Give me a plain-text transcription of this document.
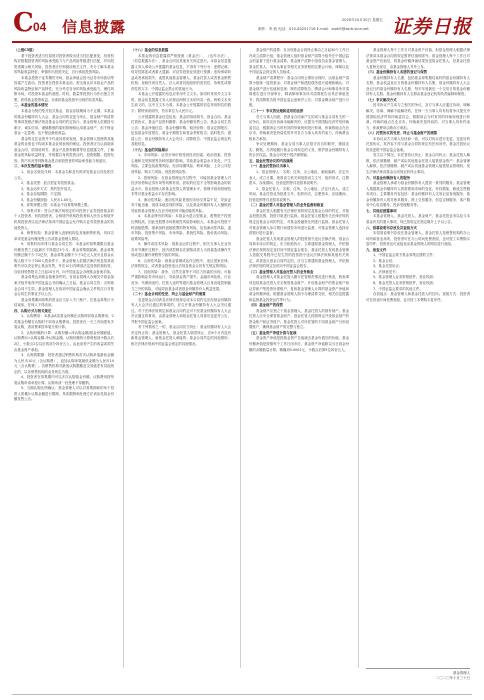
C 04 信息披露	2020年10月30日 星期五
制作：李 波 电话：010-83251716 E-mail：zqrb9@zqrb.sina.net 证券日报

（上接C3版）

基于投资者适当性原则对投资者做出适当性匹配意见，经营机构应根据投资者的风险承受能力与产品风险等级进行匹配，并向投资者揭示相关风险。投资者应仔细阅读相关文件，充分了解本基金的风险收益特征，审慎作出投资决定，自行承担投资风险。

本基金投资于证券期货市场，基金净值会因为证券市场波动等因素产生波动。投资者在投资本基金前，需全面认识本基金产品的风险收益特征和产品特性，充分考虑自身的风险承受能力，理性判断市场，对投资本基金的意愿、时机、数量等投资行为作出独立决策，获得基金投资收益，亦承担基金投资中出现的各类风险。

二、本基金的基本情况

本基金为契约型开放式基金，基金存续期间为不定期。本基金的基金份额持有人大会、基金合同的变更与终止、基金财产的清算等事项按照法律法规及基金合同的约定执行。基金管理人依照恪尽职守、诚实信用、谨慎勤勉的原则管理和运用基金财产，但不保证基金一定盈利，也不保证最低收益。

基金的过往业绩并不代表其将来表现，基金管理人管理的其他基金的业绩也不构成本基金业绩表现的保证。投资者应当认真阅读基金合同、招募说明书、基金产品资料概要等信息披露文件，了解基金的风险收益特征，并根据自身的投资目的、投资期限、投资经验、资产状况等判断基金是否和投资者的风险承受能力相适应。

三、本次发售的基本情况

1、基金名称及代码：本基金名称及代码详见基金合同及相关公告。

2、基金类型：混合型证券投资基金。

3、基金运作方式：契约型开放式。

4、基金存续期限：不定期。

5、基金份额面值：人民币1.00元。

6、募集规模上限：本基金不设募集规模上限。

7、募集对象：符合法律法规规定的可投资于证券投资基金的个人投资者、机构投资者、合格境外机构投资者和人民币合格境外机构投资者以及法律法规或中国证监会允许购买证券投资基金的其他投资人。

8、销售机构：基金管理人直销机构及其他销售机构，具体名单详见基金份额发售公告或基金管理人网站。

9、募集时间安排与基金合同生效：本基金的募集期限自基金份额发售之日起最长不得超过3个月。基金募集期届满，基金募集份额总额不少于2亿份，基金募集金额不少于2亿元人民币且基金认购人数不少于200人的条件下，基金管理人依据法律法规及招募说明书可以决定停止基金发售，并在10日内聘请法定验资机构验资，自收到验资报告之日起10日内，向中国证监会办理基金备案手续。

基金募集达到基金备案条件的，自基金管理人办理完毕基金备案手续并取得中国证监会书面确认之日起，基金合同生效；否则基金合同不生效。基金管理人在收到中国证监会确认文件的次日对基金合同生效事宜予以公告。

基金募集期间募集的资金应当存入专门账户，在基金募集行为结束前，任何人不得动用。

四、认购方式与相关规定

1、认购费用：本基金A类基金份额在认购时收取认购费用，C类基金份额在认购时不收取认购费用。投资者在一天之内如果有多笔认购，适用费率按单笔分别计算。

2、认购份额的计算：认购份额=净认购金额/基金份额面值，认购费用=认购金额-净认购金额。认购份额的计算保留到小数点后2位，小数点2位以后的部分四舍五入，由此误差产生的收益或损失由基金财产承担。

3、认购的限额：投资者通过销售机构首次认购单笔最低金额为人民币10元（含认购费），追加认购单笔最低金额为人民币10元（含认购费）。各销售机构对最低认购限额及交易级差有其他规定的，以各销售机构的业务规定为准。

4、投资者在募集期内可以多次认购基金份额，认购费用按每笔认购申请单独计算。认购申请一经受理不得撤销。

5、当期认购比例确认：基金管理人可以对募集期间的单个投资人的累计认购金额进行限制，具体限制和处理方法请参见基金份额发售公告。

（十八）基金的信息披露

本基金的信息披露将严格按照《基金法》、《运作办法》、《信息披露办法》、基金合同及其他有关规定进行。本基金信息披露义务人承诺公开披露的基金信息，不得有下列行为：虚假记载、误导性陈述或者重大遗漏；对证券投资业绩进行预测；违规承诺收益或者承担损失；诋毁其他基金管理人、基金托管人或者基金销售机构；登载任何自然人、法人或者其他组织的祝贺性、恭维性或推荐性的文字；中国证监会禁止的其他行为。

本基金公开披露的信息应采用中文文本。如同时采用外文文本的，基金信息披露义务人应保证两种文本的内容一致。两种文本发生歧义的，以中文文本为准。本基金公开披露的信息采用阿拉伯数字；除特别说明外，货币单位为人民币元。

公开披露的基金信息包括：基金招募说明书、基金合同、基金托管协议、基金产品资料概要；基金份额发售公告；基金合同生效公告；基金净值信息；基金份额申购、赎回价格；基金定期报告，包括基金年度报告、基金中期报告和基金季度报告；临时报告；澄清公告；基金份额持有人大会决议；清算报告；中国证监会规定的其他信息。

（十九）基金的风险揭示

1、市场风险：证券市场价格受到经济因素、政治因素、投资心理和交易制度等各种因素的影响，导致基金收益水平变化，产生风险。主要包括政策风险、经济周期风险、利率风险、上市公司经营风险、购买力风险、再投资风险等。

2、管理风险：在基金管理运作过程中，可能因基金管理人对经济形势和证券市场等判断有误、获取的信息不全等影响基金的收益水平。基金管理人和基金托管人的管理水平、管理手段和管理技术等对基金收益水平存在影响。

3、流动性风险：流动性风险是指因市场交易量不足，导致证券不能迅速、低成本地变现的风险，以及基金份额持有人大额赎回导致的基金管理人在应对赎回时可能面临的风险。

4、本基金特有的风险：本基金为混合型基金，股票资产投资比例较高，因此受股票市场系统性风险影响较大。本基金可投资于科创板股票，需承担科创板股票的特有风险，包括流动性风险、退市风险、投资集中风险、市场风险、系统性风险、股价波动风险、政策风险等。

5、操作或技术风险：指基金运作过程中，相关当事人在业务各环节操作过程中，因内部控制存在缺陷或者人为因素造成操作失误或违反操作规程等引致的风险。

6、合规性风险：指基金管理或运作过程中，违反国家法律、法规的规定，或者基金投资违反法规及基金合同有关规定的风险。

7、其他风险：战争、自然灾害等不可抗力因素的出现，可能严重影响证券市场运行，导致基金资产损失；金融市场危机、行业竞争、代理商违约、托管人违约等超出基金管理人自身直接控制能力之外的风险，可能导致基金或者基金份额持有人利益受损。

（二十）基金合同的变更、终止与基金财产的清算

变更基金合同涉及法律法规规定或本合同约定应经基金份额持有人大会决议通过的事项的，应召开基金份额持有人大会决议通过。对于法律法规规定和基金合同约定可不经基金份额持有人大会决议通过的事项，由基金管理人和基金托管人同意后变更并公告，并报中国证监会备案。

有下列情形之一的，基金合同应当终止：基金份额持有人大会决定终止的；基金管理人、基金托管人职责终止，在6个月内没有新基金管理人、新基金托管人承接的；基金合同约定的其他情形；相关法律法规和中国证监会规定的其他情况。

基金财产的清算：自出现基金合同终止事由之日起30个工作日内成立清算小组，基金管理人组织基金财产清算小组并在中国证监会的监督下进行基金清算。基金财产清算小组成员由基金管理人、基金托管人、具有从事证券相关业务资格的注册会计师、律师以及中国证监会指定的人员组成。

基金财产清算程序：基金合同终止情形出现时，由基金财产清算小组统一接管基金；对基金财产和债权债务进行清理和确认；对基金财产进行估值和变现；制作清算报告；聘请会计师事务所对清算报告进行外部审计，聘请律师事务所对清算报告出具法律意见书；将清算报告报中国证监会备案并公告；对基金剩余财产进行分配。

（二十一）争议的处理和适用的法律

各方当事人同意，因基金合同而产生的或与基金合同有关的一切争议，如经友好协商未能解决的，应提交中国国际经济贸易仲裁委员会，根据该会当时有效的仲裁规则进行仲裁，仲裁的地点在北京市，仲裁裁决是终局性的并对各方当事人具有约束力，仲裁费由败诉方承担。

争议处理期间，基金合同当事人应恪守各自的职责，继续忠实、勤勉、尽责地履行基金合同规定的义务，维护基金份额持有人的合法权益。基金合同受中国法律管辖。

五、基金托管协议的内容摘要

（一）基金托管协议当事人

1、基金管理人：名称、住所、办公地址、邮政编码、法定代表人、成立日期、批准设立机关和批准设立文号、组织形式、注册资本、存续期间、经营范围等详见招募说明书。

2、基金托管人：名称、住所、办公地址、法定代表人、成立时间、基金托管业务批准文号、组织形式、注册资本、存续期间、经营范围等详见招募说明书。

（二）基金托管人对基金管理人的业务监督和核查

基金托管人根据有关法律法规的规定及基金合同的约定，对基金投资范围、投资对象进行监督。基金托管人根据有关法律法规的规定及基金合同的约定，对基金投融资比例进行监督。基金托管人对基金管理人参与银行间债券市场进行监督，对基金管理人选择存款银行进行监督。

基金托管人发现基金管理人的投资指令违反法律法规、基金合同和本协议的规定，应当拒绝执行，立即通知基金管理人，并依照法律法规的规定及时向中国证监会报告。基金托管人发现基金管理人依据交易程序已经生效的投资指令违反法律法规和其他有关规定，或者违反基金合同约定的，应当立即通知基金管理人，并依照法律法规的规定及时向中国证监会报告。

（三）基金管理人对基金托管人的业务核查

基金管理人对基金托管人履行托管职责情况进行核查，核查事项包括基金托管人安全保管基金财产、开设基金财产的资金账户和证券账户等投资所需账户、复核基金管理人计算的基金资产净值和基金份额净值、根据基金管理人指令办理清算交收、相关信息披露和监督基金投资运作等行为。

（四）基金财产的保管

基金财产应独立于基金管理人、基金托管人的固有财产。基金托管人应安全保管基金财产。基金托管人按照规定开设基金财产的资金账户和证券账户。基金托管人对所托管的不同基金财产分别设置账户，确保基金财产的完整与独立。

（五）基金资产净值计算与复核

基金资产净值是指基金资产总值减去基金负债后的价值。基金份额净值是按照每个工作日闭市后，基金资产净值除以当日基金份额的余额数量计算，精确到0.0001元，小数点后第5位四舍五入。

基金管理人每个工作日对基金资产估值，但基金管理人根据法律法规或本基金合同的规定暂停估值时除外。基金管理人每个工作日对基金资产估值后，将基金份额净值结果发送基金托管人，经基金托管人复核无误后，由基金管理人对外公布。

（六）基金份额持有人名册的登记与保管

基金份额持有人名册，包括基金募集期结束时的基金份额持有人名册、基金权益登记日的基金份额持有人名册、基金份额持有人大会登记日的基金份额持有人名册、每半年度最后一个交易日的基金份额持有人名册。基金份额持有人名册由基金登记机构负责编制和保管。

（七）争议解决方式

因本协议产生或与之相关的争议，双方当事人应通过协商、调解解决，协商、调解不能解决的，任何一方当事人均有权将争议提交中国国际经济贸易仲裁委员会，根据该会当时有效的仲裁规则进行仲裁，仲裁的地点在北京市。仲裁裁决是终局的，对当事人均有约束力，仲裁费用由败诉方承担。

（八）托管协议的变更、终止与基金财产的清算

本协议双方当事人经协商一致，可以对协议进行变更。变更后的托管协议，其内容不得与基金合同的规定有任何冲突。基金托管协议的变更报中国证监会备案。

发生以下情况，本托管协议终止：基金合同终止；基金托管人解散、依法被撤销、破产或由其他基金托管人接管基金资产；基金管理人解散、依法被撤销、破产或由其他基金管理人接管基金管理权；发生法律法规或基金合同规定的终止事项。

六、对基金份额持有人的服务

基金管理人承诺为基金份额持有人提供一系列的服务。基金管理人根据基金份额持有人的需要和市场的变化，有权增加、修改这些服务项目。主要服务内容包括：基金份额持有人交易记录查询服务、基金份额持有人的对账单服务、网上交易服务、信息定制服务、客户服务中心电话服务、投诉受理服务等。

七、其他应披露事项

本基金管理人、基金托管人、基金财产、基金托管业务以及与本基金有关的重大事项，均已按规定在指定媒介上予以公告。

八、招募说明书存放及其查阅方式

本招募说明书存放在基金管理人、基金托管人及销售机构的办公场所和营业场所，投资者可在办公时间免费查阅，也可按工本费购买复印件。投资者也可直接登录基金管理人的网站进行查阅。

九、备查文件

1、中国证监会准予基金募集注册的文件；

2、基金合同；

3、基金托管协议；

4、法律意见书；

5、基金管理人业务资格批件、营业执照；

6、基金托管人业务资格批件、营业执照；

7、中国证监会要求的其他文件。

存放地点：基金管理人和基金托管人的住所。查阅方式：投资者可在营业时间免费查阅，也可按工本费购买复印件。

基金管理人
二〇二〇年十月三十日
